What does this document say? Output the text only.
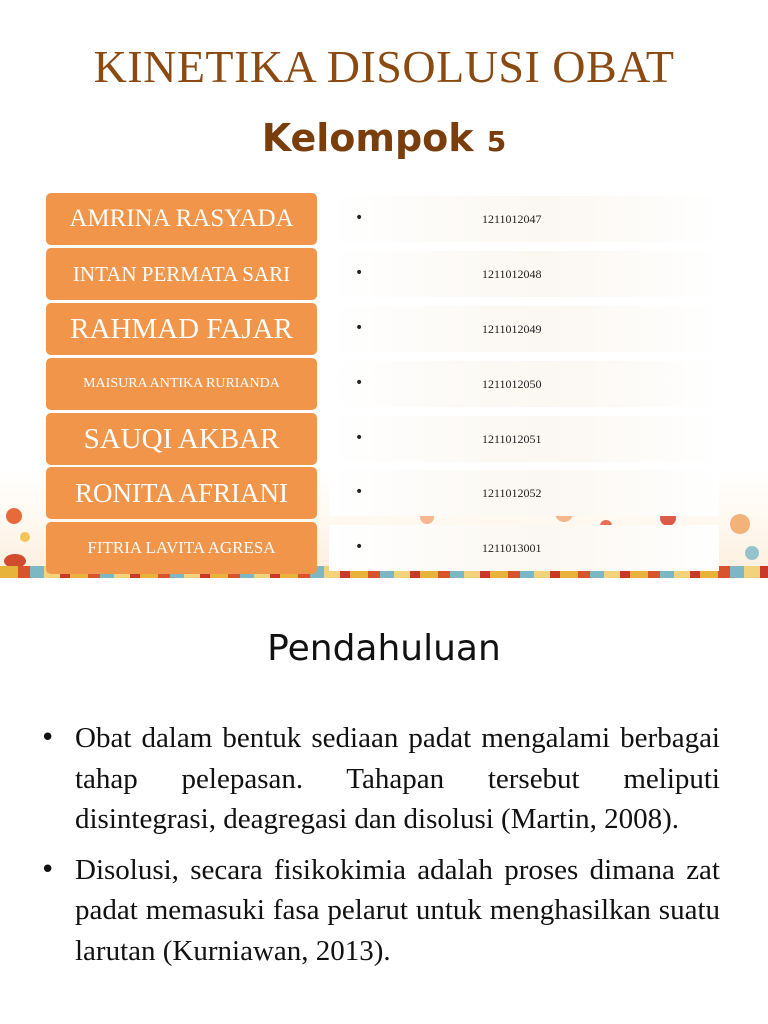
KINETIKA DISOLUSI OBAT
Kelompok 5
AMRINA RASYADA	•	1211012047
INTAN PERMATA SARI	•	1211012048
RAHMAD FAJAR	•	1211012049
MAISURA ANTIKA RURIANDA	•	1211012050
SAUQI AKBAR	•	1211012051
RONITA AFRIANI	•	1211012052
FITRIA LAVITA AGRESA	•	1211013001
Pendahuluan
• Obat dalam bentuk sediaan padat mengalami berbagai tahap pelepasan. Tahapan tersebut meliputi disintegrasi, deagregasi dan disolusi (Martin, 2008).
• Disolusi, secara fisikokimia adalah proses dimana zat padat memasuki fasa pelarut untuk menghasilkan suatu larutan (Kurniawan, 2013).
